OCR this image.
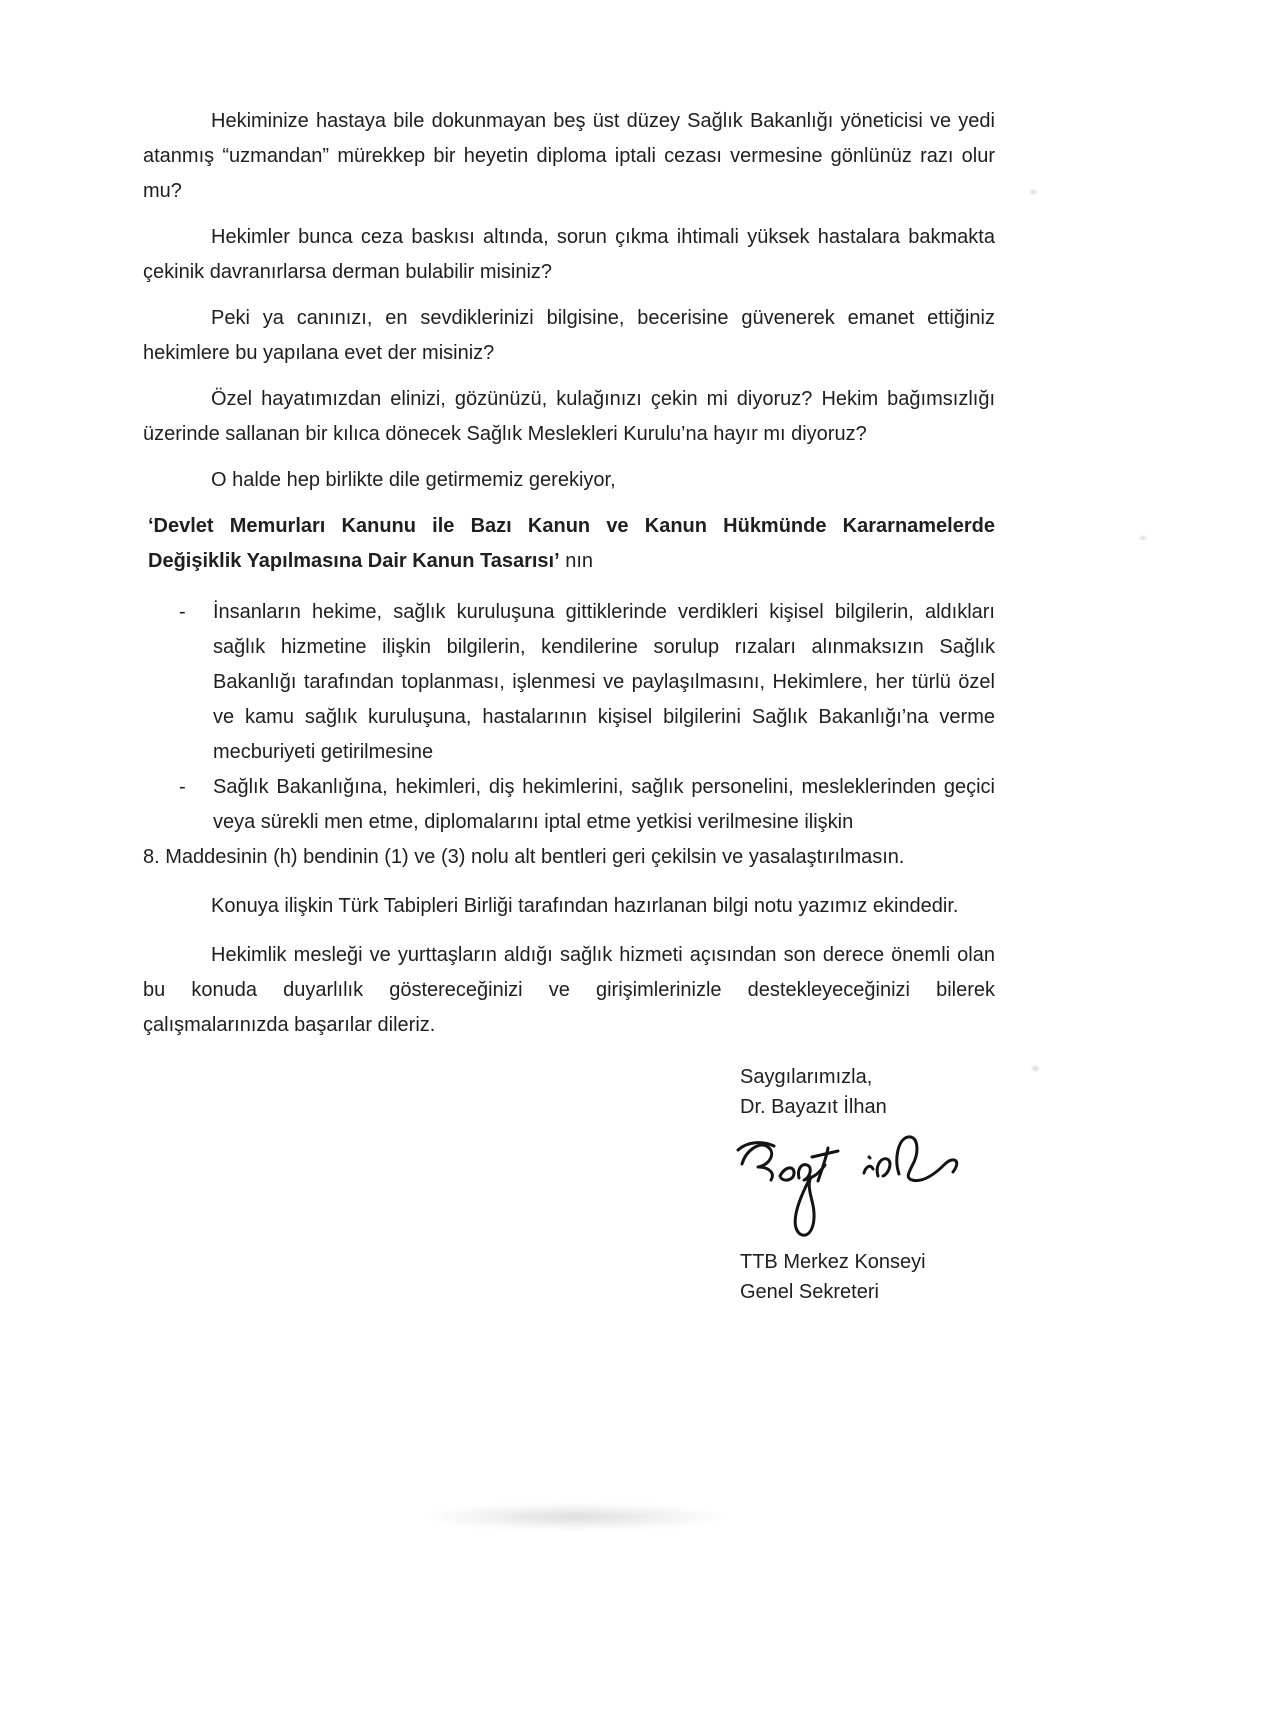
Hekiminize hastaya bile dokunmayan beş üst düzey Sağlık Bakanlığı yöneticisi ve yedi atanmış “uzmandan” mürekkep bir heyetin diploma iptali cezası vermesine gönlünüz razı olur mu?

Hekimler bunca ceza baskısı altında, sorun çıkma ihtimali yüksek hastalara bakmakta çekinik davranırlarsa derman bulabilir misiniz?

Peki ya canınızı, en sevdiklerinizi bilgisine, becerisine güvenerek emanet ettiğiniz hekimlere bu yapılana evet der misiniz?

Özel hayatımızdan elinizi, gözünüzü, kulağınızı çekin mi diyoruz? Hekim bağımsızlığı üzerinde sallanan bir kılıca dönecek Sağlık Meslekleri Kurulu’na hayır mı diyoruz?

O halde hep birlikte dile getirmemiz gerekiyor,

‘Devlet Memurları Kanunu ile Bazı Kanun ve Kanun Hükmünde Kararnamelerde Değişiklik Yapılmasına Dair Kanun Tasarısı’ nın

-	İnsanların hekime, sağlık kuruluşuna gittiklerinde verdikleri kişisel bilgilerin, aldıkları sağlık hizmetine ilişkin bilgilerin, kendilerine sorulup rızaları alınmaksızın Sağlık Bakanlığı tarafından toplanması, işlenmesi ve paylaşılmasını, Hekimlere, her türlü özel ve kamu sağlık kuruluşuna, hastalarının kişisel bilgilerini Sağlık Bakanlığı’na verme mecburiyeti getirilmesine
-	Sağlık Bakanlığına, hekimleri, diş hekimlerini, sağlık personelini, mesleklerinden geçici veya sürekli men etme, diplomalarını iptal etme yetkisi verilmesine ilişkin

8. Maddesinin (h) bendinin (1) ve (3) nolu alt bentleri geri çekilsin ve yasalaştırılmasın.

Konuya ilişkin Türk Tabipleri Birliği tarafından hazırlanan bilgi notu yazımız ekindedir.

Hekimlik mesleği ve yurttaşların aldığı sağlık hizmeti açısından son derece önemli olan bu konuda duyarlılık göstereceğinizi ve girişimlerinizle destekleyeceğinizi bilerek çalışmalarınızda başarılar dileriz.

Saygılarımızla,

Dr. Bayazıt İlhan

TTB Merkez Konseyi

Genel Sekreteri
